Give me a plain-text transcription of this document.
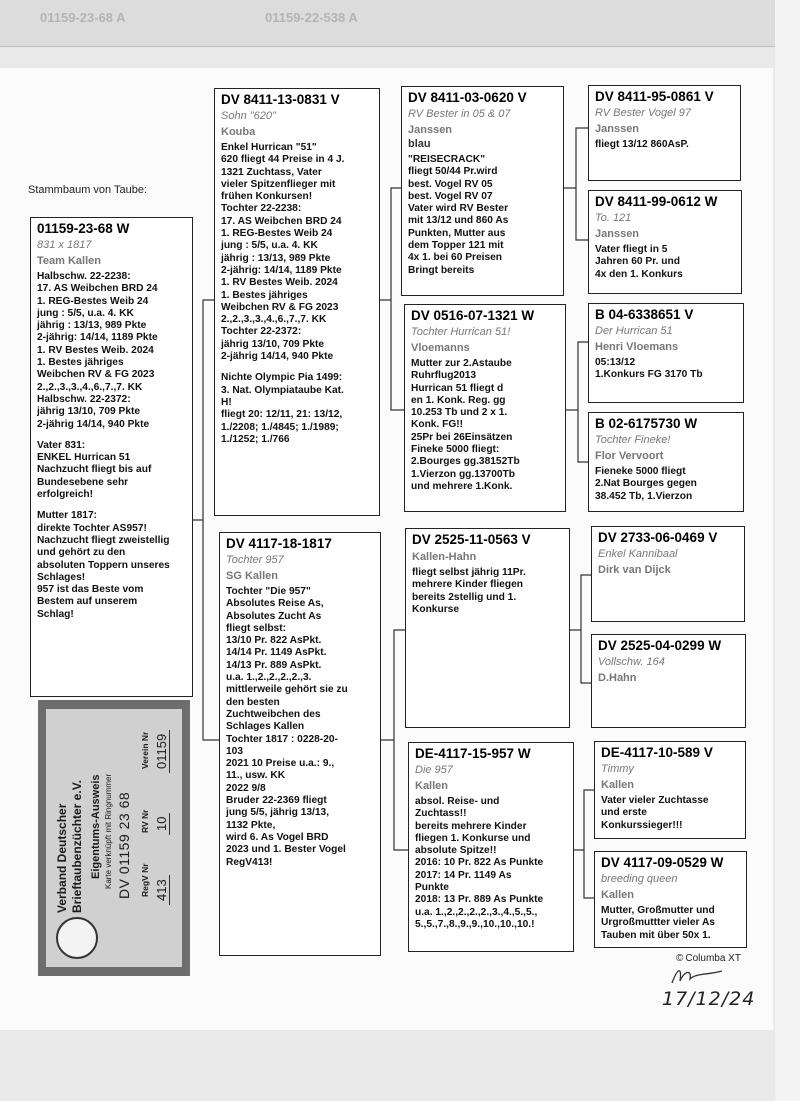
01159-23-68 A	01159-22-538 A
Stammbaum von Taube:
01159-23-68 W
831 x 1817
Team Kallen
Halbschw. 22-2238:
17. AS Weibchen BRD 24
1. REG-Bestes Weib 24
jung : 5/5, u.a. 4. KK
jährig : 13/13, 989 Pkte
2-jährig: 14/14, 1189 Pkte
1. RV Bestes Weib. 2024
1. Bestes jähriges
Weibchen RV & FG 2023
2.,2.,3.,3.,4.,6.,7.,7. KK
Halbschw. 22-2372:
jährig 13/10, 709 Pkte
2-jährig 14/14, 940 Pkte
Vater 831:
ENKEL Hurrican 51
Nachzucht fliegt bis auf
Bundesebene sehr
erfolgreich!
Mutter 1817:
direkte Tochter AS957!
Nachzucht fliegt zweistellig
und gehört zu den
absoluten Toppern unseres
Schlages!
957 ist das Beste vom
Bestem auf unserem
Schlag!
DV 8411-13-0831 V
Sohn "620"
Kouba
Enkel Hurrican "51"
620 fliegt 44 Preise in 4 J.
1321 Zuchtass, Vater
vieler Spitzenflieger mit
frühen Konkursen!
Tochter 22-2238:
17. AS Weibchen BRD 24
1. REG-Bestes Weib 24
jung : 5/5, u.a. 4. KK
jährig : 13/13, 989 Pkte
2-jährig: 14/14, 1189 Pkte
1. RV Bestes Weib. 2024
1. Bestes jähriges
Weibchen RV & FG 2023
2.,2.,3.,3.,4.,6.,7.,7. KK
Tochter 22-2372:
jährig 13/10, 709 Pkte
2-jährig 14/14, 940 Pkte
Nichte Olympic Pia 1499:
3. Nat. Olympiataube Kat.
H!
fliegt 20: 12/11, 21: 13/12,
1./2208; 1./4845; 1./1989;
1./1252; 1./766
DV 4117-18-1817
Tochter 957
SG Kallen
Tochter "Die 957"
Absolutes Reise As,
Absolutes Zucht As
fliegt selbst:
13/10 Pr. 822 AsPkt.
14/14 Pr. 1149 AsPkt.
14/13 Pr. 889 AsPkt.
u.a. 1.,2.,2.,2.,2.,3.
mittlerweile gehört sie zu
den besten
Zuchtweibchen des
Schlages Kallen
Tochter 1817 : 0228-20-
103
2021 10 Preise u.a.: 9.,
11., usw. KK
2022 9/8
Bruder 22-2369 fliegt
jung 5/5, jährig 13/13,
1132 Pkte,
wird 6. As Vogel BRD
2023 und 1. Bester Vogel
RegV413!
DV 8411-03-0620 V
RV Bester in 05 & 07
Janssen
blau
"REISECRACK"
fliegt 50/44 Pr.wird
best. Vogel RV 05
best. Vogel RV 07
Vater wird RV Bester
mit 13/12 und 860 As
Punkten, Mutter aus
dem Topper 121 mit
4x 1. bei 60 Preisen
Bringt bereits
DV 0516-07-1321 W
Tochter Hurrican 51!
Vloemanns
Mutter zur 2.Astaube
Ruhrflug2013
Hurrican 51 fliegt d
en 1. Konk. Reg. gg
10.253 Tb und 2 x 1.
Konk. FG!!
25Pr bei 26Einsätzen
Fineke 5000 fliegt:
2.Bourges gg.38152Tb
1.Vierzon gg.13700Tb
und mehrere 1.Konk.
DV 2525-11-0563 V
Kallen-Hahn
fliegt selbst jährig 11Pr.
mehrere Kinder fliegen
bereits 2stellig und 1.
Konkurse
DE-4117-15-957 W
Die 957
Kallen
absol. Reise- und
Zuchtass!!
bereits mehrere Kinder
fliegen 1. Konkurse und
absolute Spitze!!
2016: 10 Pr. 822 As Punkte
2017: 14 Pr. 1149 As
Punkte
2018: 13 Pr. 889 As Punkte
u.a. 1.,2.,2.,2.,2.,3.,4.,5.,5.,
5.,5.,7.,8.,9.,9.,10.,10.,10.!
DV 8411-95-0861 V
RV Bester Vogel 97
Janssen
fliegt 13/12 860AsP.
DV 8411-99-0612 W
To. 121
Janssen
Vater fliegt in 5
Jahren 60 Pr. und
4x den 1. Konkurs
B 04-6338651 V
Der Hurrican 51
Henri Vloemans
05:13/12
1.Konkurs FG 3170 Tb
B 02-6175730 W
Tochter Fineke!
Flor Vervoort
Fieneke 5000 fliegt
2.Nat Bourges gegen
38.452 Tb, 1.Vierzon
DV 2733-06-0469 V
Enkel Kannibaal
Dirk van Dijck
DV 2525-04-0299 W
Vollschw. 164
D.Hahn
DE-4117-10-589 V
Timmy
Kallen
Vater vieler Zuchtasse
und erste
Konkurssieger!!!
DV 4117-09-0529 W
breeding queen
Kallen
Mutter, Großmutter und
Urgroßmuttter vieler As
Tauben mit über 50x 1.
Verband Deutscher Brieftaubenzüchter e.V. Eigentums-Ausweis Karte verknüpft mit Ringnummer DV 01159 23 68 RegV Nr 413
RV Nr 10
Verein Nr 01159
© Columba XT
17/12/24
